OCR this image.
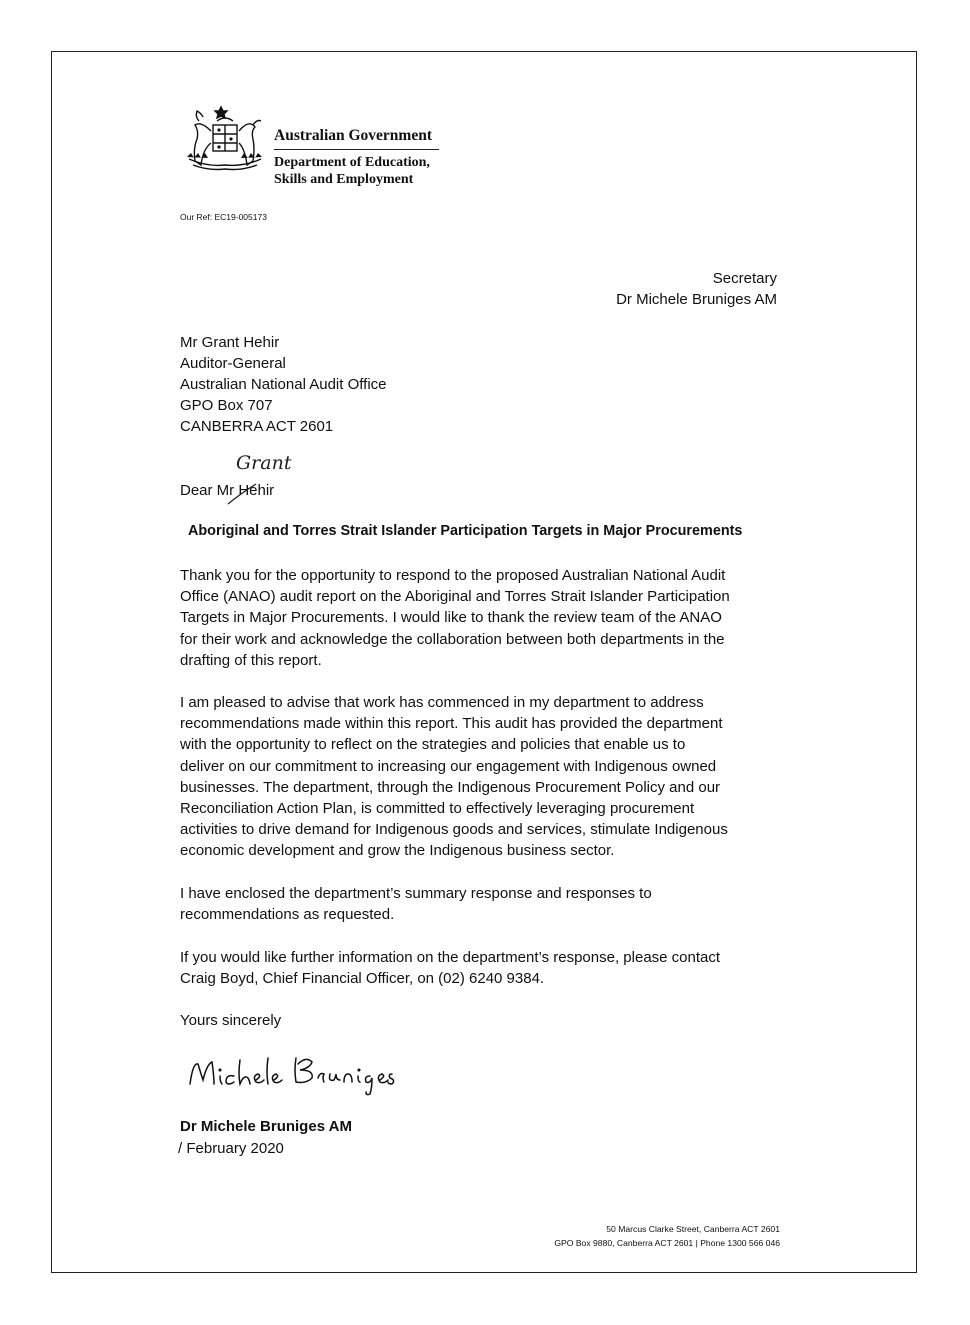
Australian Government
Department of Education,
Skills and Employment
Our Ref: EC19-005173
Secretary
Dr Michele Bruniges AM
Mr Grant Hehir
Auditor-General
Australian National Audit Office
GPO Box 707
CANBERRA ACT 2601
Grant
Dear Mr Hehir
Aboriginal and Torres Strait Islander Participation Targets in Major Procurements
Thank you for the opportunity to respond to the proposed Australian National Audit
Office (ANAO) audit report on the Aboriginal and Torres Strait Islander Participation
Targets in Major Procurements. I would like to thank the review team of the ANAO
for their work and acknowledge the collaboration between both departments in the
drafting of this report.
I am pleased to advise that work has commenced in my department to address
recommendations made within this report. This audit has provided the department
with the opportunity to reflect on the strategies and policies that enable us to
deliver on our commitment to increasing our engagement with Indigenous owned
businesses. The department, through the Indigenous Procurement Policy and our
Reconciliation Action Plan, is committed to effectively leveraging procurement
activities to drive demand for Indigenous goods and services, stimulate Indigenous
economic development and grow the Indigenous business sector.
I have enclosed the department’s summary response and responses to
recommendations as requested.
If you would like further information on the department’s response, please contact
Craig Boyd, Chief Financial Officer, on (02) 6240 9384.
Yours sincerely
Dr Michele Bruniges AM
/ February 2020
50 Marcus Clarke Street, Canberra ACT 2601
GPO Box 9880, Canberra ACT 2601 | Phone 1300 566 046
